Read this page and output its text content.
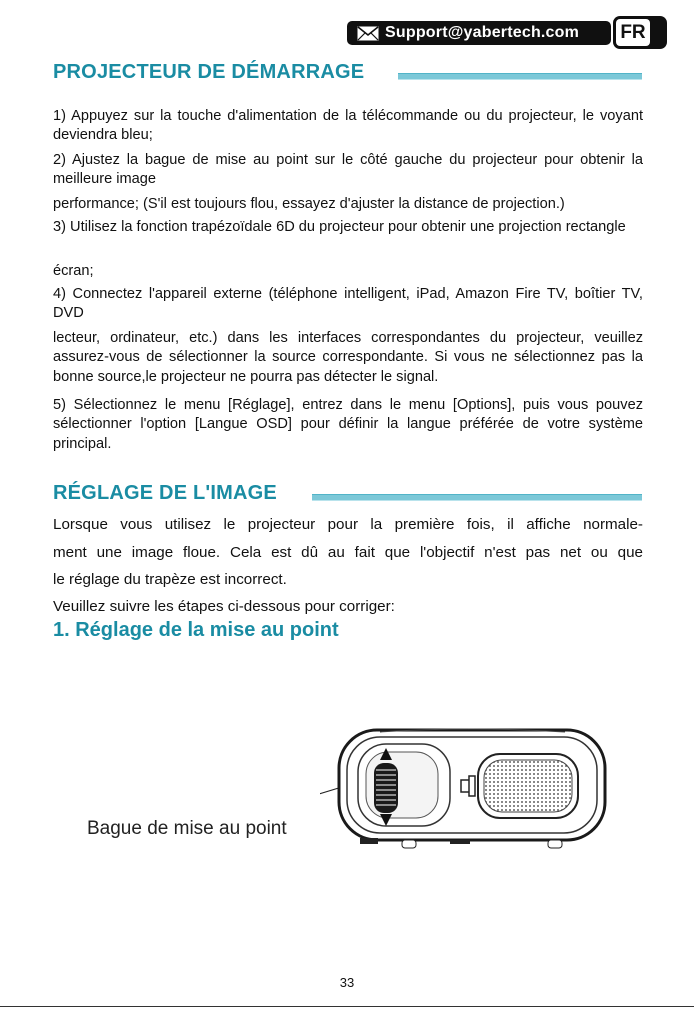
Support@yabertech.com FR
PROJECTEUR DE DÉMARRAGE

1) Appuyez sur la touche d'alimentation de la télécommande ou du projecteur, le voyant deviendra bleu;

2) Ajustez la bague de mise au point sur le côté gauche du projecteur pour obtenir la meilleure image

performance; (S'il est toujours flou, essayez d'ajuster la distance de projection.)

3) Utilisez la fonction trapézoïdale 6D du projecteur pour obtenir une projection rectangle

écran;

4) Connectez l'appareil externe (téléphone intelligent, iPad, Amazon Fire TV, boîtier TV, DVD

lecteur, ordinateur, etc.) dans les interfaces correspondantes du projecteur, veuillez assurez-vous de sélectionner la source correspondante. Si vous ne sélectionnez pas la bonne source,le projecteur ne pourra pas détecter le signal.

5) Sélectionnez le menu [Réglage], entrez dans le menu [Options], puis vous pouvez sélectionner l'option [Langue OSD] pour définir la langue préférée de votre système principal.

RÉGLAGE DE L'IMAGE
Lorsque vous utilisez le projecteur pour la première fois, il affiche normale-
ment une image floue. Cela est dû au fait que l'objectif n'est pas net ou que
le réglage du trapèze est incorrect.
Veuillez suivre les étapes ci-dessous pour corriger:
1. Réglage de la mise au point
Bague de mise au point
33
